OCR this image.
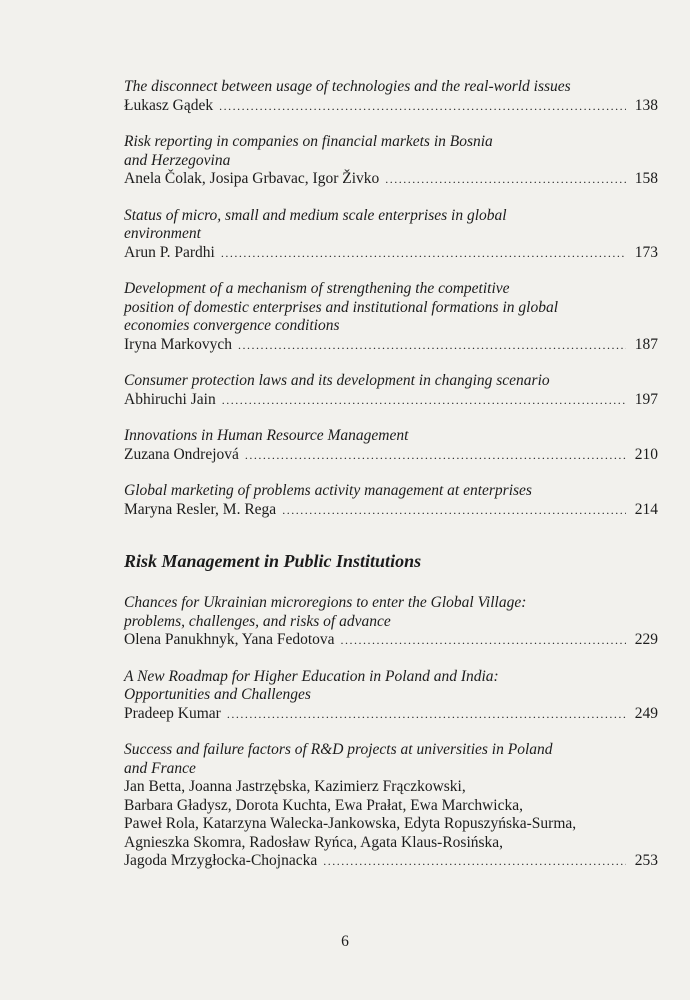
The disconnect between usage of technologies and the real-world issues
Łukasz Gądek .....	138
Risk reporting in companies on financial markets in Bosnia
and Herzegovina
Anela Čolak, Josipa Grbavac, Igor Živko .....	158
Status of micro, small and medium scale enterprises in global
environment
Arun P. Pardhi .....	173
Development of a mechanism of strengthening the competitive
position of domestic enterprises and institutional formations in global
economies convergence conditions
Iryna Markovych .....	187
Consumer protection laws and its development in changing scenario
Abhiruchi Jain .....	197
Innovations in Human Resource Management
Zuzana Ondrejová .....	210
Global marketing of problems activity management at enterprises
Maryna Resler, M. Rega .....	214
Risk Management in Public Institutions
Chances for Ukrainian microregions to enter the Global Village:
problems, challenges, and risks of advance
Olena Panukhnyk, Yana Fedotova .....	229
A New Roadmap for Higher Education in Poland and India:
Opportunities and Challenges
Pradeep Kumar .....	249
Success and failure factors of R&D projects at universities in Poland
and France
Jan Betta, Joanna Jastrzębska, Kazimierz Frączkowski,
Barbara Gładysz, Dorota Kuchta, Ewa Prałat, Ewa Marchwicka,
Paweł Rola, Katarzyna Walecka-Jankowska, Edyta Ropuszyńska-Surma,
Agnieszka Skomra, Radosław Ryńca, Agata Klaus-Rosińska,
Jagoda Mrzygłocka-Chojnacka .....	253
6
